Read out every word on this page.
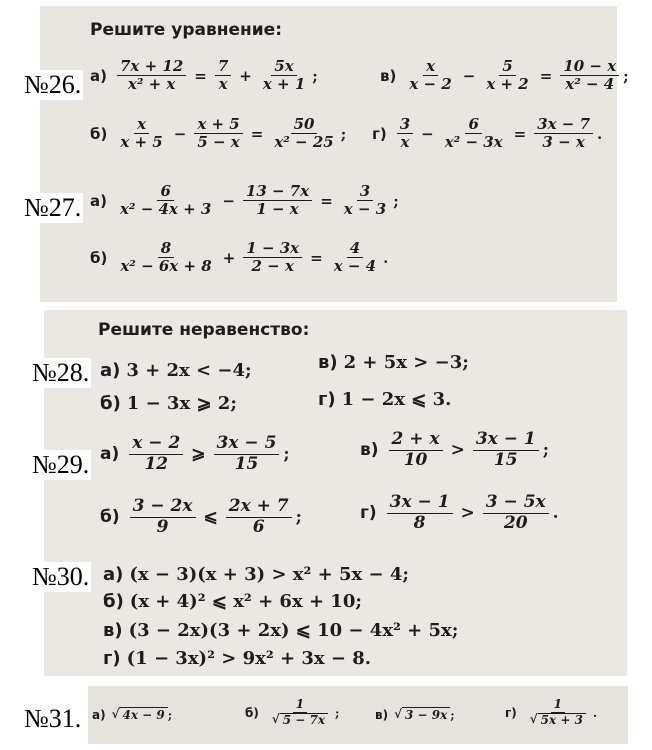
Решите уравнение:
№26. $а) \frac{7x + 12}{\text{x² + x}} = \frac{7}{x} + \frac{5x}{x + 1}$ ;	$в) \frac{x}{x - 2} - \frac{5}{x + 2} = \frac{10 - x}{\text{x² − 4}}$ ;
$б) \frac{x}{x + 5} - \frac{x + 5}{5 - x} = \frac{50}{\text{x² − 25}}$ ; $г) \frac{3}{x} - \frac{6}{\text{x² − 3x}} = \frac{3x - 7}{3 - x}$ .
№27. $а) \frac{6}{\text{x² − 4x + 3}} - \frac{13 - 7x}{1 - x} = \frac{3}{x - 3}$ ;
$б) \frac{8}{\text{x² − 6x + 8}} + \frac{1 - 3x}{2 - x} = \frac{4}{x - 4}$ .
Решите неравенство:
№28. а) 3 + 2x < −4;	в) 2 + 5x > −3;
б) 1 − 3x ⩾ 2;	г) 1 − 2x ⩽ 3.
№29. $а) \frac{x - 2}{12}$ ⩾ $\frac{3x - 5}{15}$ ;	$в) \frac{2 + x}{10} > \frac{3x - 1}{15}$ ;
$б) \frac{3 - 2x}{9}$ ⩽ $\frac{2x + 7}{6}$ ;	$г) \frac{3x - 1}{8} > \frac{3 - 5x}{20}$ .
№30. а) (x − 3)(x + 3) > x² + 5x − 4;
б) (x + 4)² ⩽ x² + 6x + 10;
в) (3 − 2x)(3 + 2x) ⩽ 10 − 4x² + 5x;
г) (1 − 3x)² > 9x² + 3x − 8.
№31. а) √ 4x − 9 ;	$б) \frac{1}{√ 5 - 7x}$ ;	в) √ 3 − 9x ;	$г) \frac{1}{√ 5x + 3}$ .
